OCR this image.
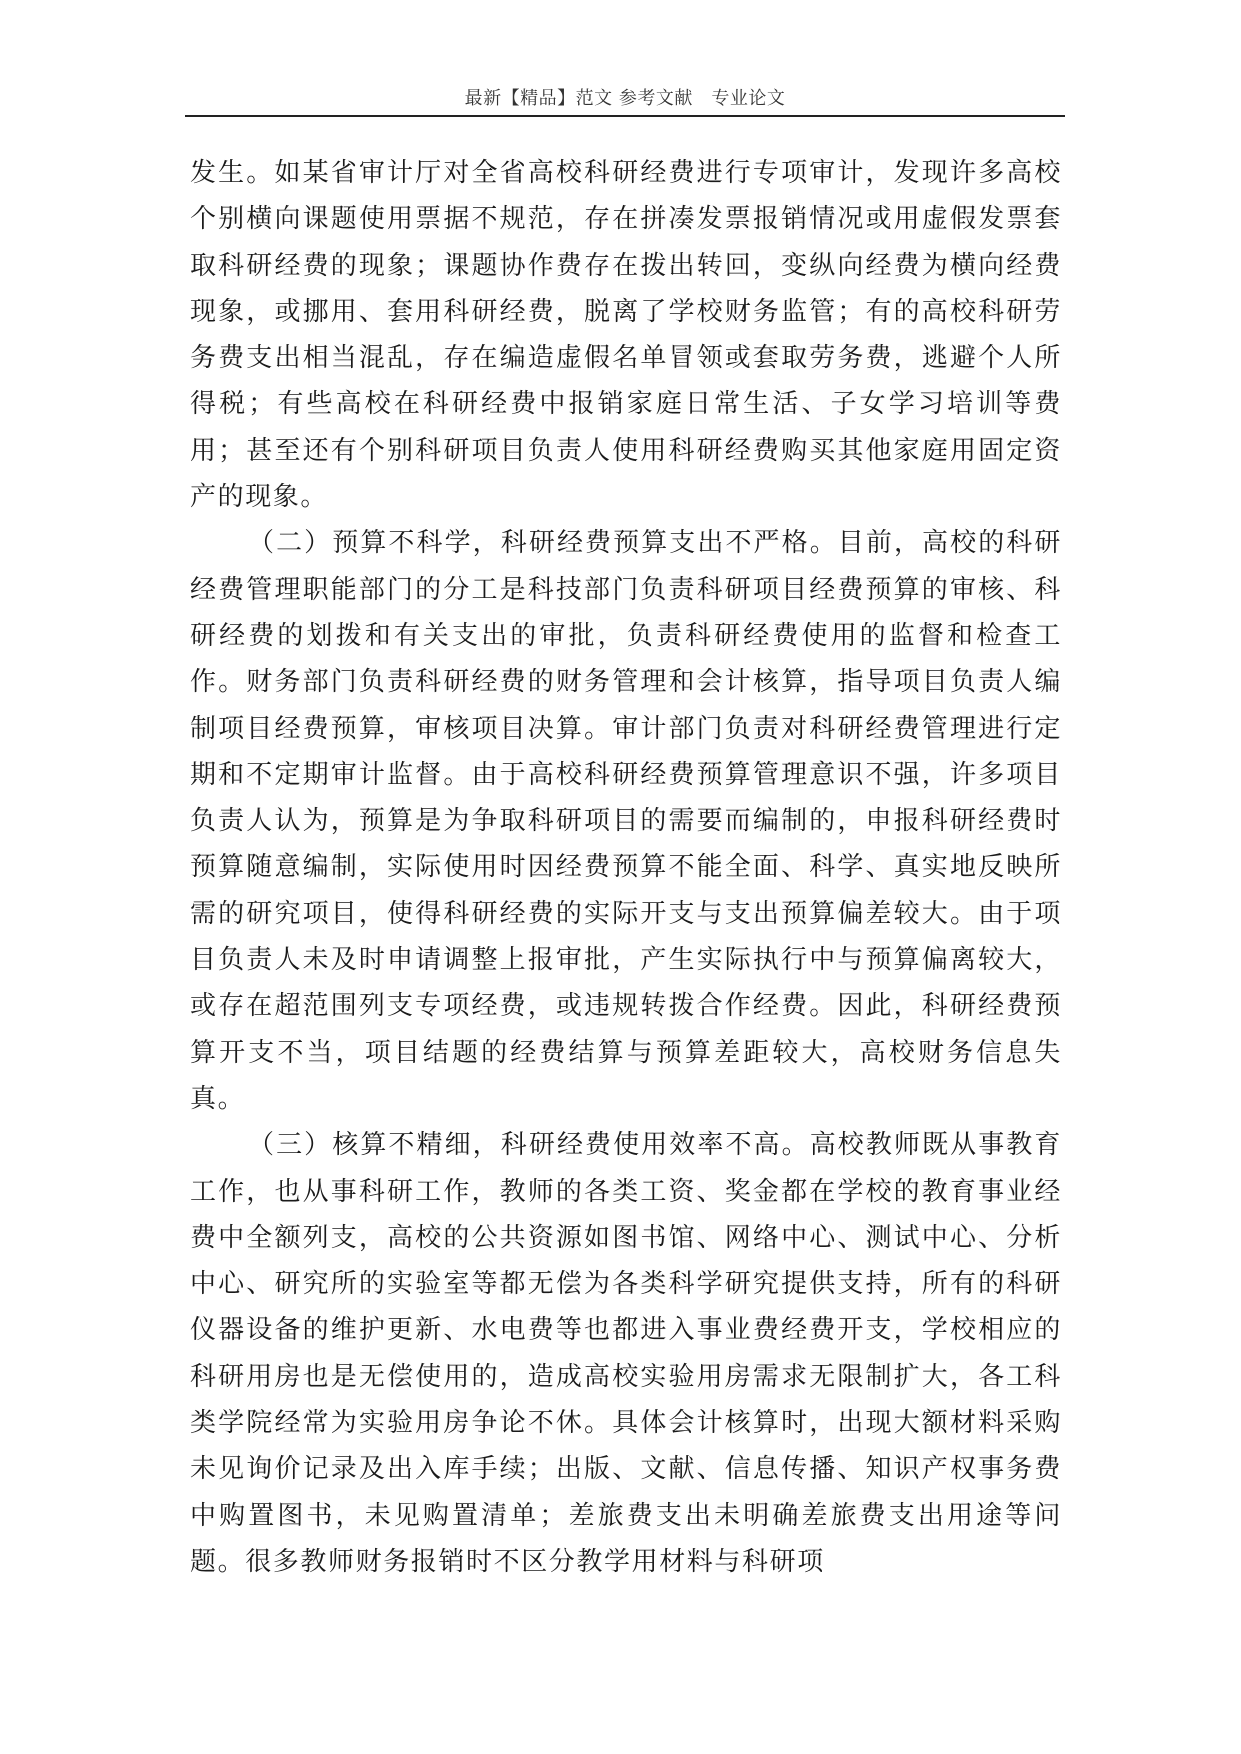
最新【精品】范文 参考文献　专业论文

发生。如某省审计厅对全省高校科研经费进行专项审计，发现许多高校个别横向课题使用票据不规范，存在拼凑发票报销情况或用虚假发票套取科研经费的现象；课题协作费存在拨出转回，变纵向经费为横向经费现象，或挪用、套用科研经费，脱离了学校财务监管；有的高校科研劳务费支出相当混乱，存在编造虚假名单冒领或套取劳务费，逃避个人所得税；有些高校在科研经费中报销家庭日常生活、子女学习培训等费用；甚至还有个别科研项目负责人使用科研经费购买其他家庭用固定资产的现象。

（二）预算不科学，科研经费预算支出不严格。目前，高校的科研经费管理职能部门的分工是科技部门负责科研项目经费预算的审核、科研经费的划拨和有关支出的审批，负责科研经费使用的监督和检查工作。财务部门负责科研经费的财务管理和会计核算，指导项目负责人编制项目经费预算，审核项目决算。审计部门负责对科研经费管理进行定期和不定期审计监督。由于高校科研经费预算管理意识不强，许多项目负责人认为，预算是为争取科研项目的需要而编制的，申报科研经费时预算随意编制，实际使用时因经费预算不能全面、科学、真实地反映所需的研究项目，使得科研经费的实际开支与支出预算偏差较大。由于项目负责人未及时申请调整上报审批，产生实际执行中与预算偏离较大，或存在超范围列支专项经费，或违规转拨合作经费。因此，科研经费预算开支不当，项目结题的经费结算与预算差距较大，高校财务信息失真。

（三）核算不精细，科研经费使用效率不高。高校教师既从事教育工作，也从事科研工作，教师的各类工资、奖金都在学校的教育事业经费中全额列支，高校的公共资源如图书馆、网络中心、测试中心、分析中心、研究所的实验室等都无偿为各类科学研究提供支持，所有的科研仪器设备的维护更新、水电费等也都进入事业费经费开支，学校相应的科研用房也是无偿使用的，造成高校实验用房需求无限制扩大，各工科类学院经常为实验用房争论不休。具体会计核算时，出现大额材料采购未见询价记录及出入库手续；出版、文献、信息传播、知识产权事务费中购置图书，未见购置清单；差旅费支出未明确差旅费支出用途等问题。很多教师财务报销时不区分教学用材料与科研项
